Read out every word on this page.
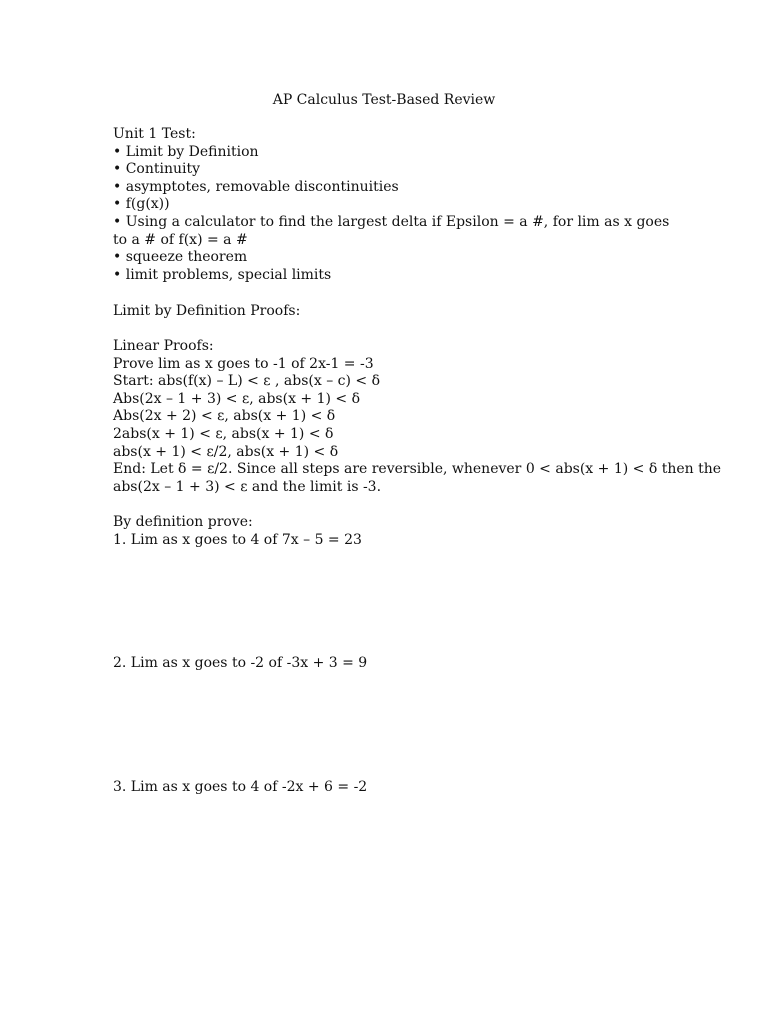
AP Calculus Test-Based Review
Unit 1 Test:
• Limit by Definition
• Continuity
• asymptotes, removable discontinuities
• f(g(x))
• Using a calculator to find the largest delta if Epsilon = a #, for lim as x goes to a # of f(x) = a #
• squeeze theorem
• limit problems, special limits
Limit by Definition Proofs:
Linear Proofs:
Prove lim as x goes to -1 of 2x-1 = -3
Start: abs(f(x) – L) < ε , abs(x – c) < δ
Abs(2x – 1 + 3) < ε, abs(x + 1) < δ
Abs(2x + 2) < ε, abs(x + 1) < δ
2abs(x + 1) < ε, abs(x + 1) < δ
abs(x + 1) < ε/2, abs(x + 1) < δ
End: Let δ = ε/2. Since all steps are reversible, whenever 0 < abs(x + 1) < δ then the
abs(2x – 1 + 3) < ε and the limit is -3.
By definition prove:
1. Lim as x goes to 4 of 7x – 5 = 23
2. Lim as x goes to -2 of -3x + 3 = 9
3. Lim as x goes to 4 of -2x + 6 = -2
